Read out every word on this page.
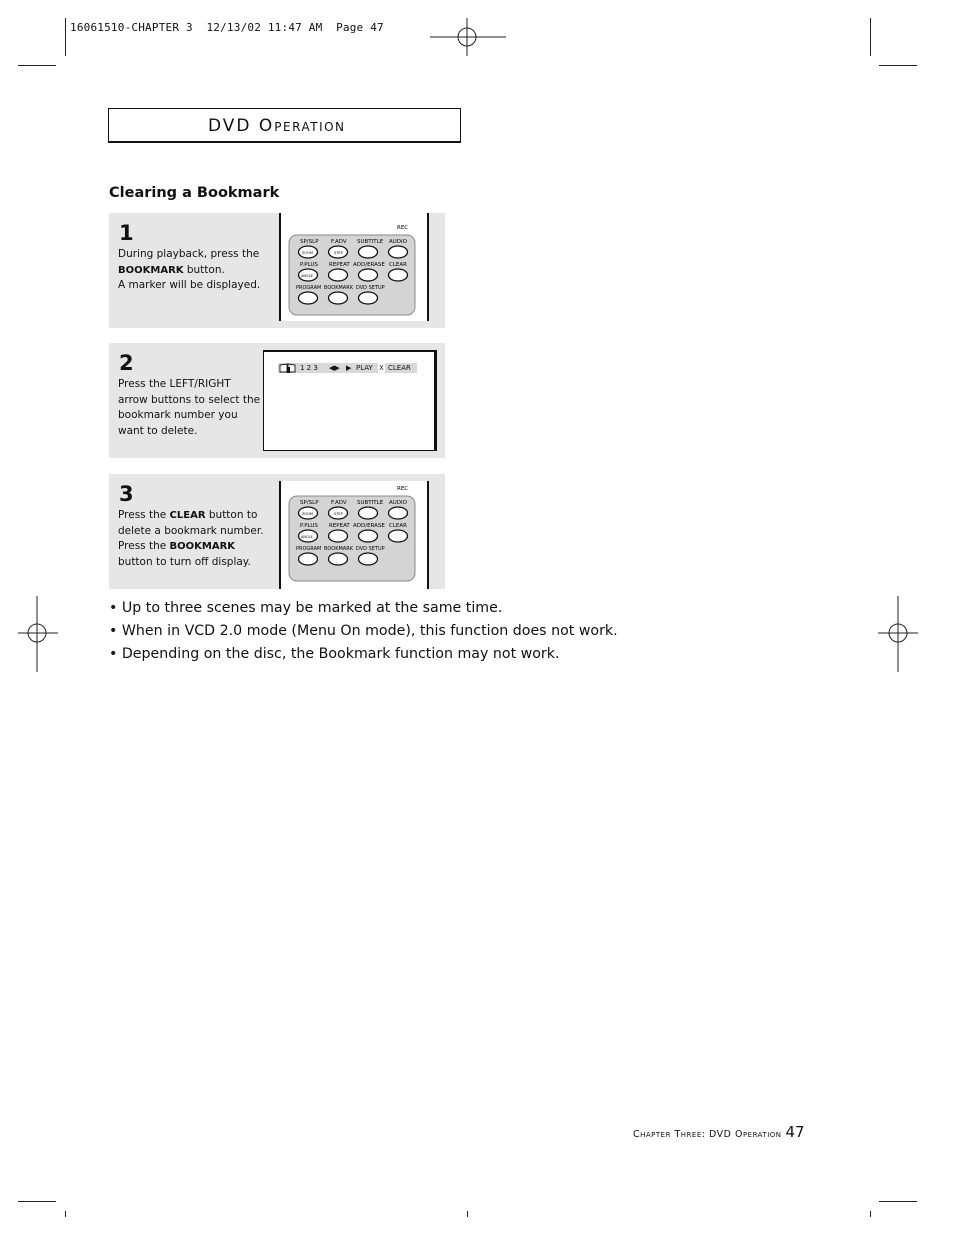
16061510-CHAPTER 3  12/13/02 11:47 AM  Page 47
DVD OPERATION
Clearing a Bookmark
1
During playback, press the
BOOKMARK button.
A marker will be displayed.
REC
SP/SLP F.ADV SUBTITLE AUDIO
ZOOM	STEP
P.PLUS REPEAT ADD/ERASE CLEAR
ANGLE
PROGRAM BOOKMARK DVD SETUP
2
Press the LEFT/RIGHT
arrow buttons to select the
bookmark number you
want to delete.
1 2 3 ◀▶ ▶ PLAY X CLEAR
3
Press the CLEAR button to
delete a bookmark number.
Press the BOOKMARK
button to turn off display.
REC
SP/SLP F.ADV SUBTITLE AUDIO
ZOOM	STEP
P.PLUS REPEAT ADD/ERASE CLEAR
ANGLE
PROGRAM BOOKMARK DVD SETUP
• Up to three scenes may be marked at the same time.
• When in VCD 2.0 mode (Menu On mode), this function does not work.
• Depending on the disc, the Bookmark function may not work.
Chapter Three: DVD Operation 47
